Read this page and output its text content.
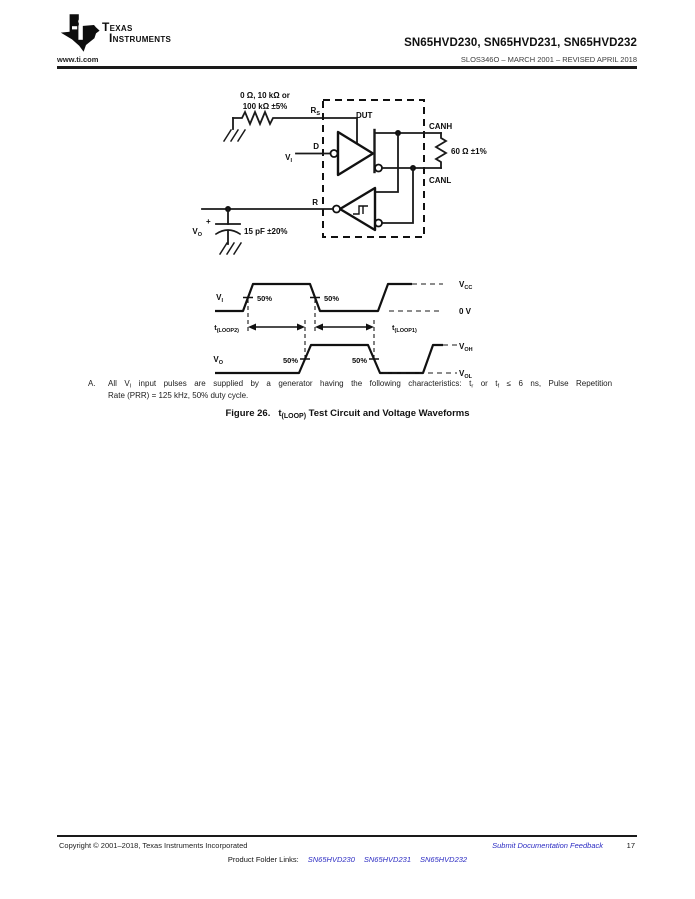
Texas
Instruments	SN65HVD230, SN65HVD231, SN65HVD232
www.ti.com	SLOS346O – MARCH 2001 – REVISED APRIL 2018
0 Ω, 10 kΩ or
100 kΩ ±5%	$R_S$	DUT
D
$V_I$
CANH
CANL
60 Ω ±1%
R
+
$V_O$	15 pF ±20%
$V_I$	50%	50%
$t_{(LOOP2)}$	$t_{(LOOP1)}$
$V_O$	50%	50%
$V_{CC}$
0 V
$V_{OH}$
$V_{OL}$
A.	All $V_I$ input pulses are supplied by a generator having the following characteristics: $t_r$ or $t_f \le 6$ ns, Pulse Repetition
Rate (PRR) = 125 kHz, 50% duty cycle.
Figure 26. $t_{(LOOP)}$ Test Circuit and Voltage Waveforms
Copyright © 2001–2018, Texas Instruments Incorporated	Submit Documentation Feedback	17
Product Folder Links: SN65HVD230 SN65HVD231 SN65HVD232
